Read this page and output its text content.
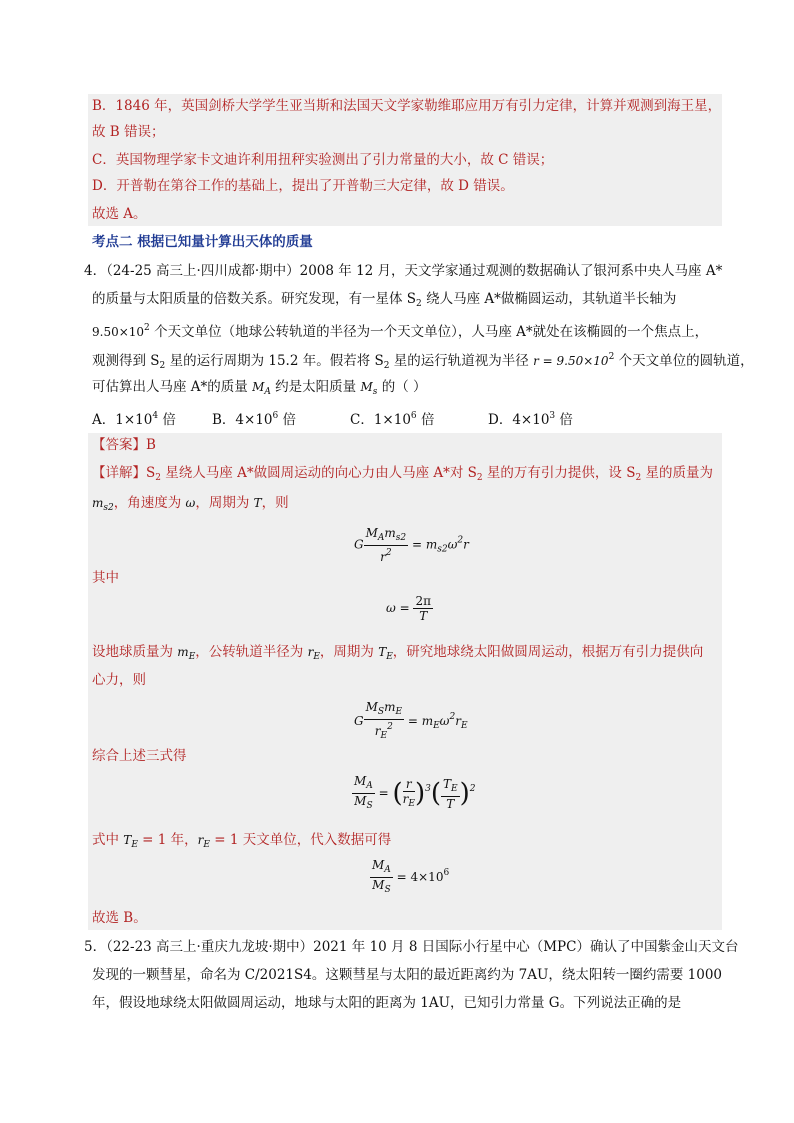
B．1846 年，英国剑桥大学学生亚当斯和法国天文学家勒维耶应用万有引力定律，计算并观测到海王星，
故 B 错误；
C．英国物理学家卡文迪许利用扭秤实验测出了引力常量的大小，故 C 错误；
D．开普勒在第谷工作的基础上，提出了开普勒三大定律，故 D 错误。
故选 A。
考点二 根据已知量计算出天体的质量
4．（24-25 高三上·四川成都·期中）2008 年 12 月，天文学家通过观测的数据确认了银河系中央人马座 A*
的质量与太阳质量的倍数关系。研究发现，有一星体 $S_2$ 绕人马座 A*做椭圆运动，其轨道半长轴为
$9.50\times 10^2$ 个天文单位（地球公转轨道的半径为一个天文单位），人马座 A*就处在该椭圆的一个焦点上，
观测得到 $S_2$ 星的运行周期为 15.2 年。假若将 $S_2$ 星的运行轨道视为半径 $r = 9.50\times 10^2$ 个天文单位的圆轨道，
可估算出人马座 A*的质量 $M_A$ 约是太阳质量 $M_s$ 的（ ）
A．$1\times 10^4$ 倍	B．$4\times 10^6$ 倍	C．$1\times 10^6$ 倍	D．$4\times 10^3$ 倍
【答案】B
【详解】$S_2$ 星绕人马座 A*做圆周运动的向心力由人马座 A*对 $S_2$ 星的万有引力提供，设 $S_2$ 星的质量为
$m_{s2}$，角速度为 ω，周期为 T，则
G $\frac{M_Am_{s2}}{r^2} = m_{s2}\omega^2r$
其中
$\omega = \frac{2\pi}{T}$
设地球质量为 $m_E$，公转轨道半径为 $r_E$，周期为 $T_E$，研究地球绕太阳做圆周运动，根据万有引力提供向
心力，则
G $\frac{M_Sm_E}{r_E^2} = m_E\omega^2r_E$
综合上述三式得
$\frac{M_A}{M_S}$ = ( $\frac{r}{r_E} )^3( \frac{T_E}{T} )^2$
式中 $T_E = 1$ 年，$r_E = 1$ 天文单位，代入数据可得
$\frac{M_A}{M_S} = 4\times 10^6$
故选 B。
5．（22-23 高三上·重庆九龙坡·期中）2021 年 10 月 8 日国际小行星中心（MPC）确认了中国紫金山天文台
发现的一颗彗星，命名为 C/2021S4。这颗彗星与太阳的最近距离约为 7AU，绕太阳转一圈约需要 1000
年，假设地球绕太阳做圆周运动，地球与太阳的距离为 1AU，已知引力常量 G。下列说法正确的是
